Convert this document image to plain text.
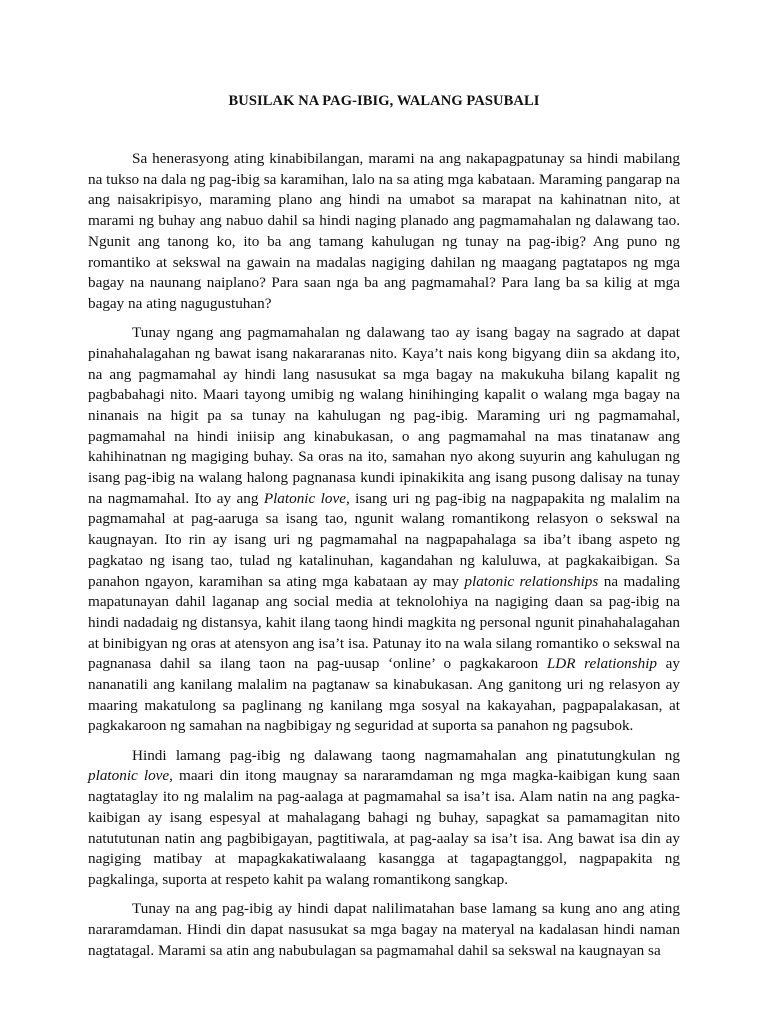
BUSILAK NA PAG-IBIG, WALANG PASUBALI

Sa henerasyong ating kinabibilangan, marami na ang nakapagpatunay sa hindi mabilang na tukso na dala ng pag-ibig sa karamihan, lalo na sa ating mga kabataan. Maraming pangarap na ang naisakripisyo, maraming plano ang hindi na umabot sa marapat na kahinatnan nito, at marami ng buhay ang nabuo dahil sa hindi naging planado ang pagmamahalan ng dalawang tao. Ngunit ang tanong ko, ito ba ang tamang kahulugan ng tunay na pag-ibig? Ang puno ng romantiko at sekswal na gawain na madalas nagiging dahilan ng maagang pagtatapos ng mga bagay na naunang naiplano? Para saan nga ba ang pagmamahal? Para lang ba sa kilig at mga bagay na ating nagugustuhan?

Tunay ngang ang pagmamahalan ng dalawang tao ay isang bagay na sagrado at dapat pinahahalagahan ng bawat isang nakararanas nito. Kaya’t nais kong bigyang diin sa akdang ito, na ang pagmamahal ay hindi lang nasusukat sa mga bagay na makukuha bilang kapalit ng pagbabahagi nito. Maari tayong umibig ng walang hinihinging kapalit o walang mga bagay na ninanais na higit pa sa tunay na kahulugan ng pag-ibig. Maraming uri ng pagmamahal, pagmamahal na hindi iniisip ang kinabukasan, o ang pagmamahal na mas tinatanaw ang kahihinatnan ng magiging buhay. Sa oras na ito, samahan nyo akong suyurin ang kahulugan ng isang pag-ibig na walang halong pagnanasa kundi ipinakikita ang isang pusong dalisay na tunay na nagmamahal. Ito ay ang Platonic love, isang uri ng pag-ibig na nagpapakita ng malalim na pagmamahal at pag-aaruga sa isang tao, ngunit walang romantikong relasyon o sekswal na kaugnayan. Ito rin ay isang uri ng pagmamahal na nagpapahalaga sa iba’t ibang aspeto ng pagkatao ng isang tao, tulad ng katalinuhan, kagandahan ng kaluluwa, at pagkakaibigan. Sa panahon ngayon, karamihan sa ating mga kabataan ay may platonic relationships na madaling mapatunayan dahil laganap ang social media at teknolohiya na nagiging daan sa pag-ibig na hindi nadadaig ng distansya, kahit ilang taong hindi magkita ng personal ngunit pinahahalagahan at binibigyan ng oras at atensyon ang isa’t isa. Patunay ito na wala silang romantiko o sekswal na pagnanasa dahil sa ilang taon na pag-uusap ‘online’ o pagkakaroon LDR relationship ay nananatili ang kanilang malalim na pagtanaw sa kinabukasan. Ang ganitong uri ng relasyon ay maaring makatulong sa paglinang ng kanilang mga sosyal na kakayahan, pagpapalakasan, at pagkakaroon ng samahan na nagbibigay ng seguridad at suporta sa panahon ng pagsubok.

Hindi lamang pag-ibig ng dalawang taong nagmamahalan ang pinatutungkulan ng platonic love, maari din itong maugnay sa nararamdaman ng mga magka-kaibigan kung saan nagtataglay ito ng malalim na pag-aalaga at pagmamahal sa isa’t isa. Alam natin na ang pagka-kaibigan ay isang espesyal at mahalagang bahagi ng buhay, sapagkat sa pamamagitan nito natututunan natin ang pagbibigayan, pagtitiwala, at pag-aalay sa isa’t isa. Ang bawat isa din ay nagiging matibay at mapagkakatiwalaang kasangga at tagapagtanggol, nagpapakita ng pagkalinga, suporta at respeto kahit pa walang romantikong sangkap.

Tunay na ang pag-ibig ay hindi dapat nalilimatahan base lamang sa kung ano ang ating nararamdaman. Hindi din dapat nasusukat sa mga bagay na materyal na kadalasan hindi naman nagtatagal. Marami sa atin ang nabubulagan sa pagmamahal dahil sa sekswal na kaugnayan sa
